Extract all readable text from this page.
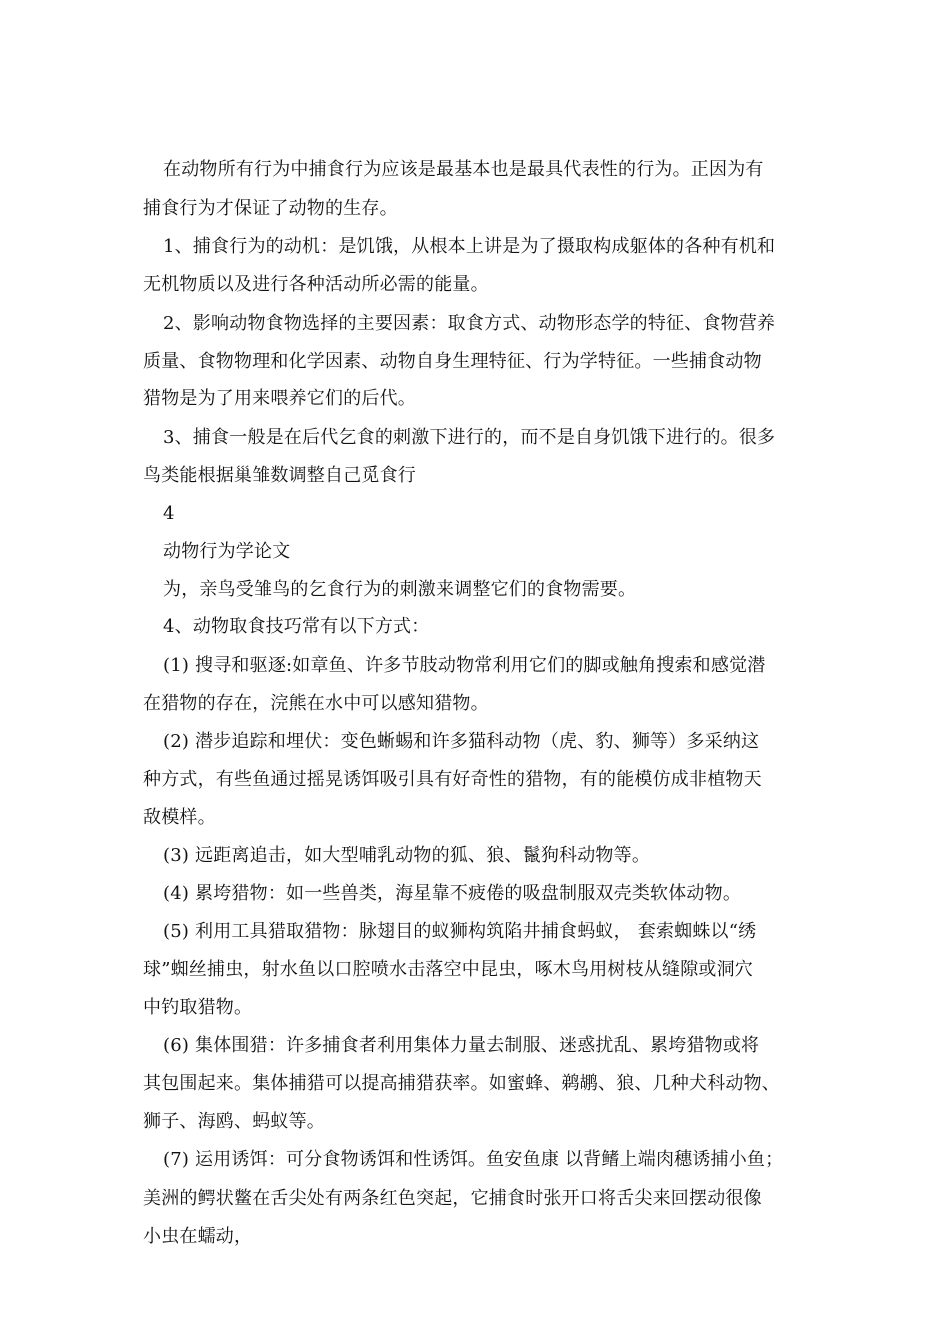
在动物所有行为中捕食行为应该是最基本也是最具代表性的行为。正因为有
捕食行为才保证了动物的生存。
1、捕食行为的动机：是饥饿，从根本上讲是为了摄取构成躯体的各种有机和
无机物质以及进行各种活动所必需的能量。
2、影响动物食物选择的主要因素：取食方式、动物形态学的特征、食物营养
质量、食物物理和化学因素、动物自身生理特征、行为学特征。一些捕食动物
猎物是为了用来喂养它们的后代。
3、捕食一般是在后代乞食的刺激下进行的，而不是自身饥饿下进行的。很多
鸟类能根据巢雏数调整自己觅食行
4
动物行为学论文
为，亲鸟受雏鸟的乞食行为的刺激来调整它们的食物需要。
4、动物取食技巧常有以下方式：
(1) 搜寻和驱逐:如章鱼、许多节肢动物常利用它们的脚或触角搜索和感觉潜
在猎物的存在，浣熊在水中可以感知猎物。
(2) 潜步追踪和埋伏：变色蜥蜴和许多猫科动物（虎、豹、狮等）多采纳这
种方式，有些鱼通过摇晃诱饵吸引具有好奇性的猎物，有的能模仿成非植物天
敌模样。
(3) 远距离追击，如大型哺乳动物的狐、狼、鬣狗科动物等。
(4) 累垮猎物：如一些兽类，海星靠不疲倦的吸盘制服双壳类软体动物。
(5) 利用工具猎取猎物：脉翅目的蚁狮构筑陷井捕食蚂蚁， 套索蜘蛛以“绣
球”蜘丝捕虫，射水鱼以口腔喷水击落空中昆虫，啄木鸟用树枝从缝隙或洞穴
中钓取猎物。
(6) 集体围猎：许多捕食者利用集体力量去制服、迷惑扰乱、累垮猎物或将
其包围起来。集体捕猎可以提高捕猎获率。如蜜蜂、鹈鹕、狼、几种犬科动物、
狮子、海鸥、蚂蚁等。
(7) 运用诱饵：可分食物诱饵和性诱饵。鱼安鱼康 以背鳍上端肉穗诱捕小鱼；
美洲的鳄状鳖在舌尖处有两条红色突起，它捕食时张开口将舌尖来回摆动很像
小虫在蠕动，
